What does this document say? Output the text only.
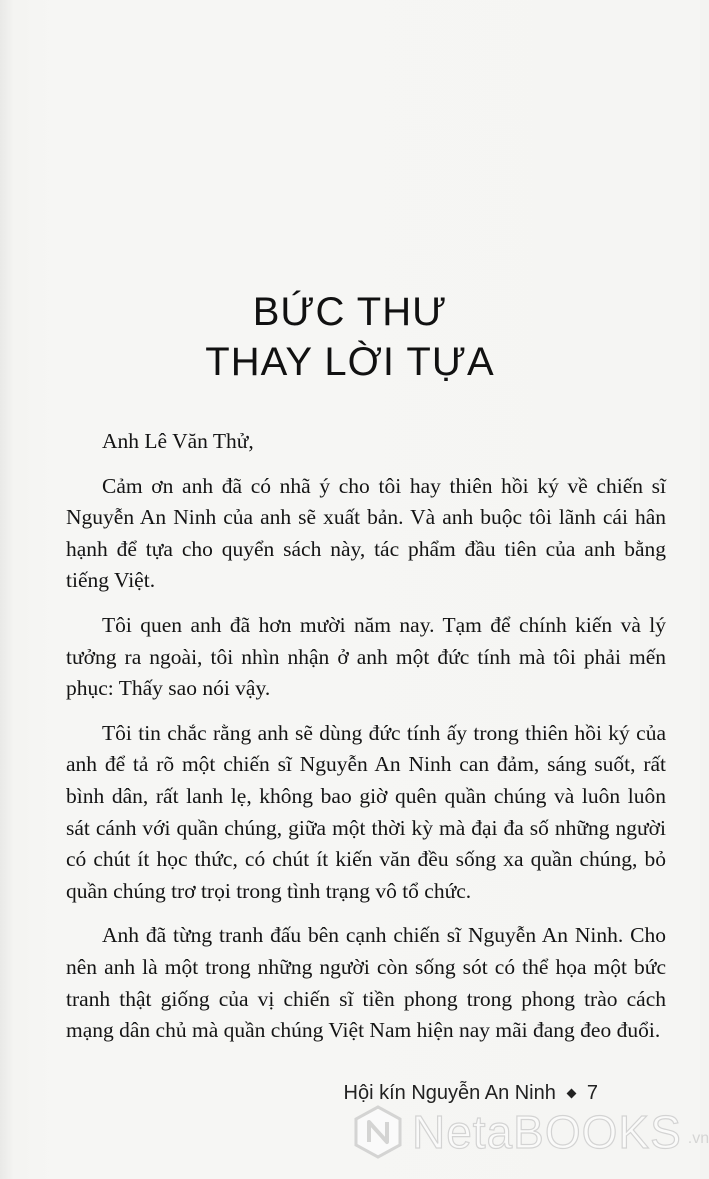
BỨC THƯ
THAY LỜI TỰA

Anh Lê Văn Thử,

Cảm ơn anh đã có nhã ý cho tôi hay thiên hồi ký về chiến sĩ Nguyễn An Ninh của anh sẽ xuất bản. Và anh buộc tôi lãnh cái hân hạnh để tựa cho quyển sách này, tác phẩm đầu tiên của anh bằng tiếng Việt.

Tôi quen anh đã hơn mười năm nay. Tạm để chính kiến và lý tưởng ra ngoài, tôi nhìn nhận ở anh một đức tính mà tôi phải mến phục: Thấy sao nói vậy.

Tôi tin chắc rằng anh sẽ dùng đức tính ấy trong thiên hồi ký của anh để tả rõ một chiến sĩ Nguyễn An Ninh can đảm, sáng suốt, rất bình dân, rất lanh lẹ, không bao giờ quên quần chúng và luôn luôn sát cánh với quần chúng, giữa một thời kỳ mà đại đa số những người có chút ít học thức, có chút ít kiến văn đều sống xa quần chúng, bỏ quần chúng trơ trọi trong tình trạng vô tổ chức.

Anh đã từng tranh đấu bên cạnh chiến sĩ Nguyễn An Ninh. Cho nên anh là một trong những người còn sống sót có thể họa một bức tranh thật giống của vị chiến sĩ tiền phong trong phong trào cách mạng dân chủ mà quần chúng Việt Nam hiện nay mãi đang đeo đuổi.

Hội kín Nguyễn An Ninh 7
NetaBOOKS .vn
